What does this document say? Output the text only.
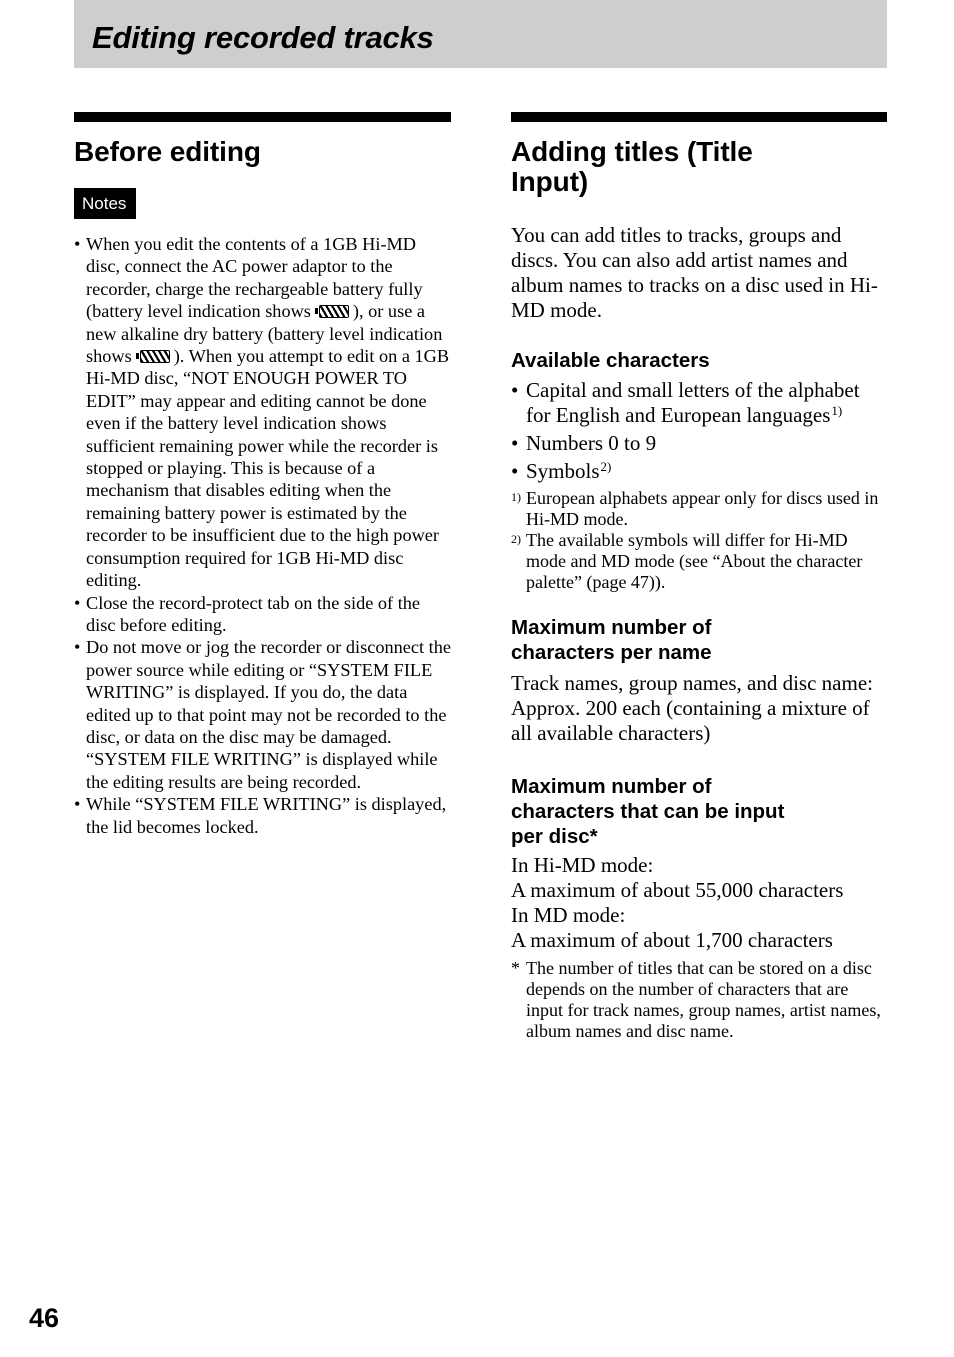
Editing recorded tracks
Before editing
Notes
• When you edit the contents of a 1GB Hi-MD disc, connect the AC power adaptor to the recorder, charge the rechargeable battery fully (battery level indication shows ), or use a new alkaline dry battery (battery level indication shows ). When you attempt to edit on a 1GB Hi-MD disc, “NOT ENOUGH POWER TO EDIT” may appear and editing cannot be done even if the battery level indication shows sufficient remaining power while the recorder is stopped or playing. This is because of a mechanism that disables editing when the remaining battery power is estimated by the recorder to be insufficient due to the high power consumption required for 1GB Hi-MD disc editing.
• Close the record-protect tab on the side of the disc before editing.
• Do not move or jog the recorder or disconnect the power source while editing or “SYSTEM FILE WRITING” is displayed. If you do, the data edited up to that point may not be recorded to the disc, or data on the disc may be damaged. “SYSTEM FILE WRITING” is displayed while the editing results are being recorded.
• While “SYSTEM FILE WRITING” is displayed, the lid becomes locked.
Adding titles (Title
Input)

You can add titles to tracks, groups and discs. You can also add artist names and album names to tracks on a disc used in Hi-MD mode.

Available characters
• Capital and small letters of the alphabet for English and European languages$^{1)}$
• Numbers 0 to 9
• Symbols$^{2)}$
1) European alphabets appear only for discs used in Hi-MD mode.
2) The available symbols will differ for Hi-MD mode and MD mode (see “About the character palette” (page 47)).
Maximum number of
characters per name

Track names, group names, and disc name: Approx. 200 each (containing a mixture of all available characters)

Maximum number of
characters that can be input
per disc*
In Hi-MD mode:
A maximum of about 55,000 characters
In MD mode:
A maximum of about 1,700 characters
* The number of titles that can be stored on a disc depends on the number of characters that are input for track names, group names, artist names, album names and disc name.
46
